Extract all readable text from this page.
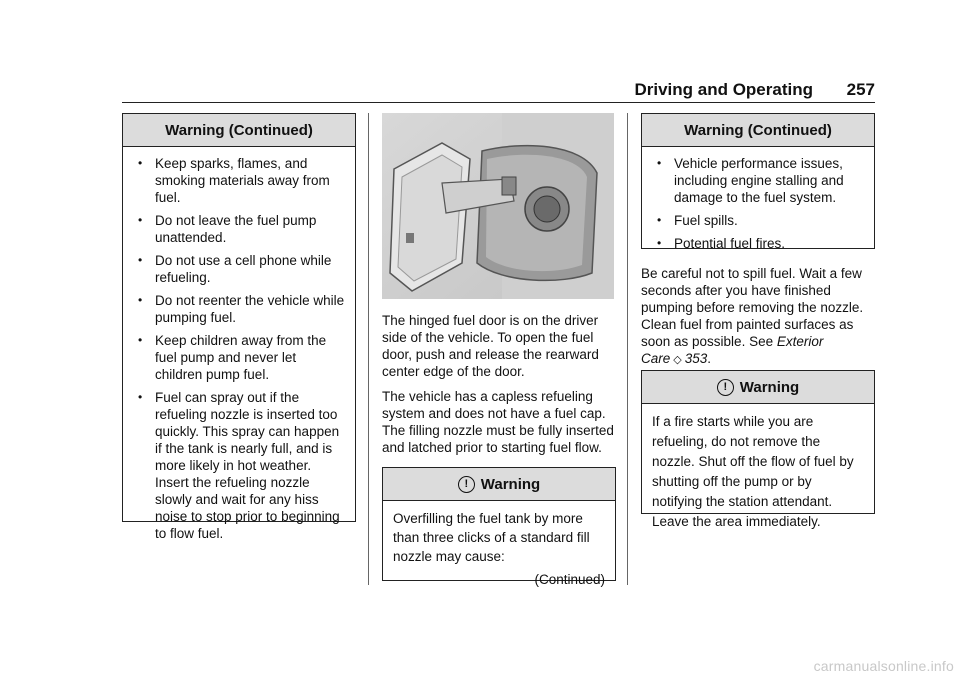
Driving and Operating 257
Warning (Continued)
• Keep sparks, flames, and smoking materials away from fuel.
• Do not leave the fuel pump unattended.
• Do not use a cell phone while refueling.
• Do not reenter the vehicle while pumping fuel.
• Keep children away from the fuel pump and never let children pump fuel.
• Fuel can spray out if the refueling nozzle is inserted too quickly. This spray can happen if the tank is nearly full, and is more likely in hot weather. Insert the refueling nozzle slowly and wait for any hiss noise to stop prior to beginning to flow fuel.

The hinged fuel door is on the driver side of the vehicle. To open the fuel door, push and release the rearward center edge of the door.

The vehicle has a capless refueling system and does not have a fuel cap. The filling nozzle must be fully inserted and latched prior to starting fuel flow.

! Warning
Overfilling the fuel tank by more than three clicks of a standard fill nozzle may cause:
(Continued)
Warning (Continued)
• Vehicle performance issues, including engine stalling and damage to the fuel system.
• Fuel spills.
• Potential fuel fires.

Be careful not to spill fuel. Wait a few seconds after you have finished pumping before removing the nozzle. Clean fuel from painted surfaces as soon as possible. See Exterior Care ◇ 353.

! Warning
If a fire starts while you are refueling, do not remove the nozzle. Shut off the flow of fuel by shutting off the pump or by notifying the station attendant. Leave the area immediately.
carmanualsonline.info
